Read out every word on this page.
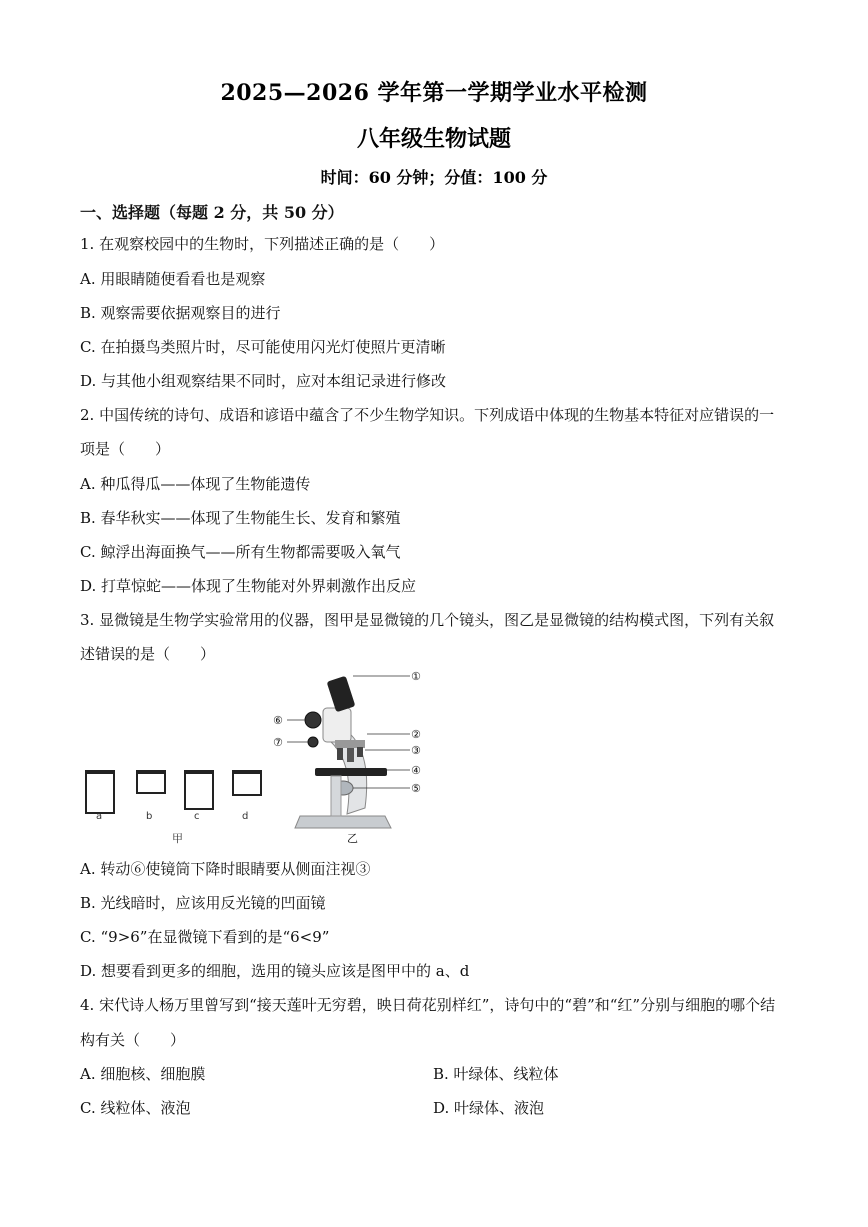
2025—2026 学年第一学期学业水平检测
八年级生物试题
时间：60 分钟；分值：100 分
一、选择题（每题 2 分，共 50 分）
1. 在观察校园中的生物时，下列描述正确的是（　　）
A. 用眼睛随便看看也是观察
B. 观察需要依据观察目的进行
C. 在拍摄鸟类照片时，尽可能使用闪光灯使照片更清晰
D. 与其他小组观察结果不同时，应对本组记录进行修改
2. 中国传统的诗句、成语和谚语中蕴含了不少生物学知识。下列成语中体现的生物基本特征对应错误的一
项是（　　）
A. 种瓜得瓜——体现了生物能遗传
B. 春华秋实——体现了生物能生长、发育和繁殖
C. 鲸浮出海面换气——所有生物都需要吸入氧气
D. 打草惊蛇——体现了生物能对外界刺激作出反应
3. 显微镜是生物学实验常用的仪器，图甲是显微镜的几个镜头，图乙是显微镜的结构模式图，下列有关叙
述错误的是（　　）
a	b	c	d
甲
①
②
③
④
⑤
⑥
⑦
乙
A. 转动⑥使镜筒下降时眼睛要从侧面注视③
B. 光线暗时，应该用反光镜的凹面镜
C. “9>6”在显微镜下看到的是“6<9”
D. 想要看到更多的细胞，选用的镜头应该是图甲中的 a、d
4. 宋代诗人杨万里曾写到“接天莲叶无穷碧，映日荷花别样红”，诗句中的“碧”和“红”分别与细胞的哪个结
构有关（　　）
A. 细胞核、细胞膜	B. 叶绿体、线粒体
C. 线粒体、液泡	D. 叶绿体、液泡
